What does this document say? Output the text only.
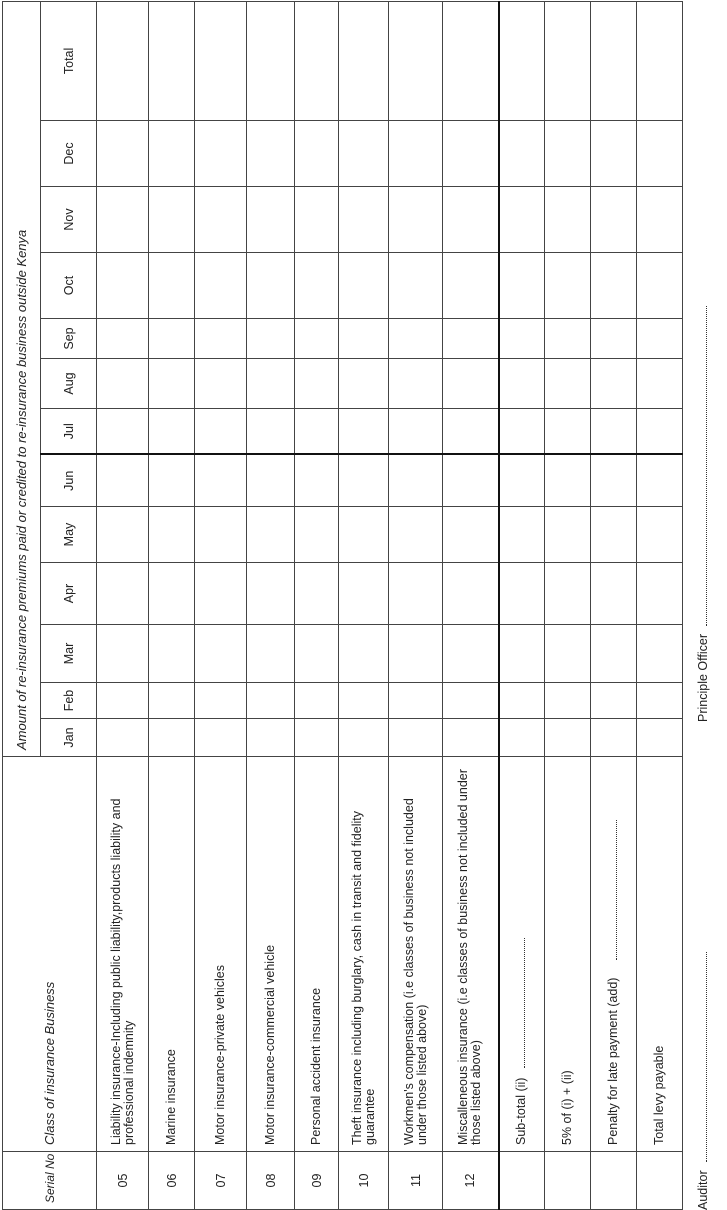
Serial No	Class of insurance Business	Amount of re-insurance premiums paid or credited to re-insurance business outside Kenya												
		Jan	Feb	Mar	Apr	May	Jun	Jul	Aug	Sep	Oct	Nov	Dec	Total
05	Liability insurance-Including public liability,products liability and professional indemnity													
06	Marine insurance													
07	Motor insurance-private vehicles													
08	Motor insurance-commercial vehicle													
09	Personal accident insurance													
10	Theft insurance including burglary, cash in transit and fidelity guarantee													
11	Workmen's compensation (i.e classes of business not included under those listed above)													
12	Miscalleneous insurance (i.e classes of business not included under those listed above)													
	Sub-total (ii)													
	5% of (i) + (ii)													
	Penalty for late payment (add)													
	Total levy payable													
Auditor
Principle Officer
